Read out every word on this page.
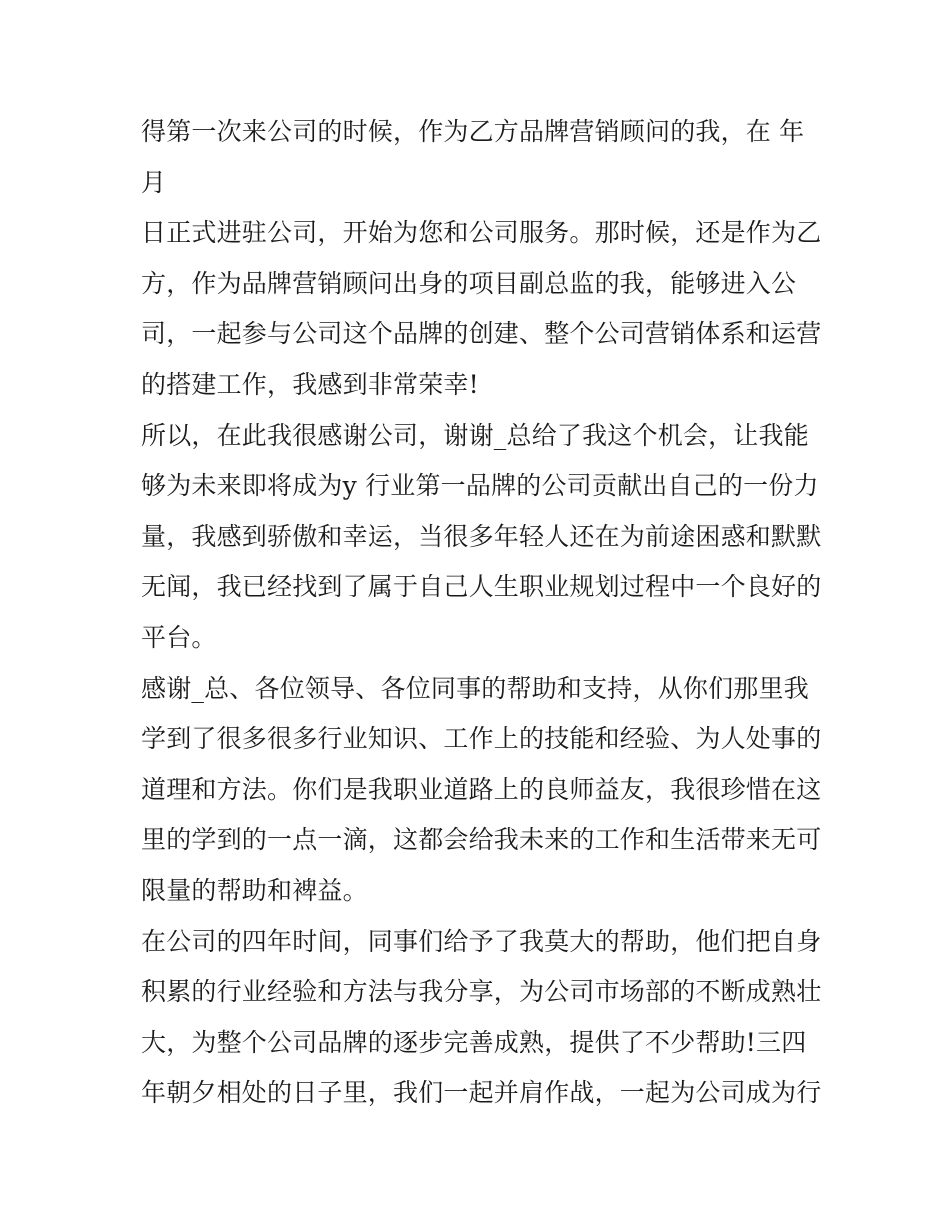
得第一次来公司的时候，作为乙方品牌营销顾问的我，在 年
月
日正式进驻公司，开始为您和公司服务。那时候，还是作为乙
方，作为品牌营销顾问出身的项目副总监的我，能够进入公
司，一起参与公司这个品牌的创建、整个公司营销体系和运营
的搭建工作，我感到非常荣幸!
所以，在此我很感谢公司，谢谢_总给了我这个机会，让我能
够为未来即将成为y 行业第一品牌的公司贡献出自己的一份力
量，我感到骄傲和幸运，当很多年轻人还在为前途困惑和默默
无闻，我已经找到了属于自己人生职业规划过程中一个良好的
平台。
感谢_总、各位领导、各位同事的帮助和支持，从你们那里我
学到了很多很多行业知识、工作上的技能和经验、为人处事的
道理和方法。你们是我职业道路上的良师益友，我很珍惜在这
里的学到的一点一滴，这都会给我未来的工作和生活带来无可
限量的帮助和裨益。
在公司的四年时间，同事们给予了我莫大的帮助，他们把自身
积累的行业经验和方法与我分享，为公司市场部的不断成熟壮
大，为整个公司品牌的逐步完善成熟，提供了不少帮助!三四
年朝夕相处的日子里，我们一起并肩作战，一起为公司成为行
